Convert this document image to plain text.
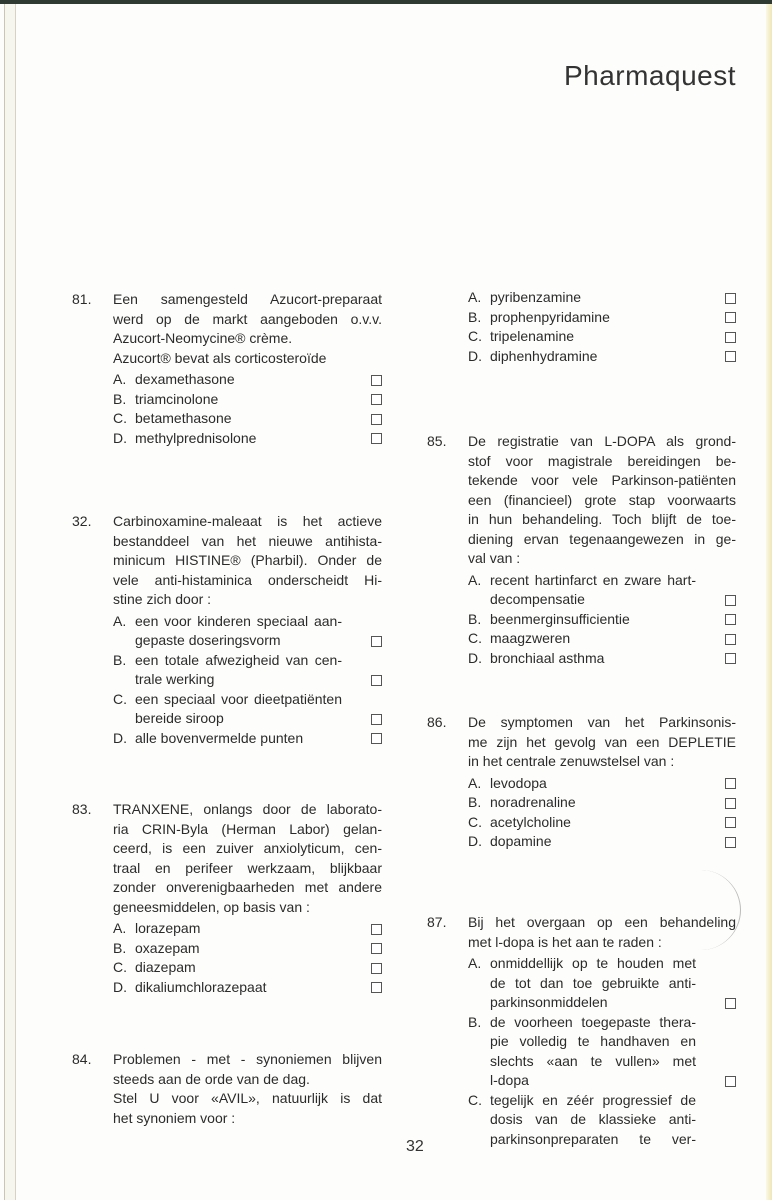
Pharmaquest
81.	Een samengesteld Azucort-preparaat
werd op de markt aangeboden o.v.v.
Azucort-Neomycine® crème.
Azucort® bevat als corticosteroïde
A. dexamethasone
B. triamcinolone
C. betamethasone
D. methylprednisolone
32.	Carbinoxamine-maleaat is het actieve
bestanddeel van het nieuwe antihista-
minicum HISTINE® (Pharbil). Onder de
vele anti-histaminica onderscheidt Hi-
stine zich door :
A. een voor kinderen speciaal aan-
gepaste doseringsvorm
B. een totale afwezigheid van cen-
trale werking
C. een speciaal voor dieetpatiënten
bereide siroop
D. alle bovenvermelde punten
83.	TRANXENE, onlangs door de laborato-
ria CRIN-Byla (Herman Labor) gelan-
ceerd, is een zuiver anxiolyticum, cen-
traal en perifeer werkzaam, blijkbaar
zonder onverenigbaarheden met andere
geneesmiddelen, op basis van :
A. lorazepam
B. oxazepam
C. diazepam
D. dikaliumchlorazepaat
84.	Problemen - met - synoniemen blijven
steeds aan de orde van de dag.
Stel U voor «AVIL», natuurlijk is dat
het synoniem voor :
A. pyribenzamine
B. prophenpyridamine
C. tripelenamine
D. diphenhydramine
85.	De registratie van L-DOPA als grond-
stof voor magistrale bereidingen be-
tekende voor vele Parkinson-patiënten
een (financieel) grote stap voorwaarts
in hun behandeling. Toch blijft de toe-
diening ervan tegenaangewezen in ge-
val van :
A. recent hartinfarct en zware hart-
decompensatie
B. beenmerginsufficientie
C. maagzweren
D. bronchiaal asthma
86.	De symptomen van het Parkinsonis-
me zijn het gevolg van een DEPLETIE
in het centrale zenuwstelsel van :
A. levodopa
B. noradrenaline
C. acetylcholine
D. dopamine
87.	Bij het overgaan op een behandeling
met l-dopa is het aan te raden :
A. onmiddellijk op te houden met
de tot dan toe gebruikte anti-
parkinsonmiddelen
B. de voorheen toegepaste thera-
pie volledig te handhaven en
slechts «aan te vullen» met
l-dopa
C. tegelijk en zéér progressief de
dosis van de klassieke anti-
parkinsonpreparaten te ver-
32
